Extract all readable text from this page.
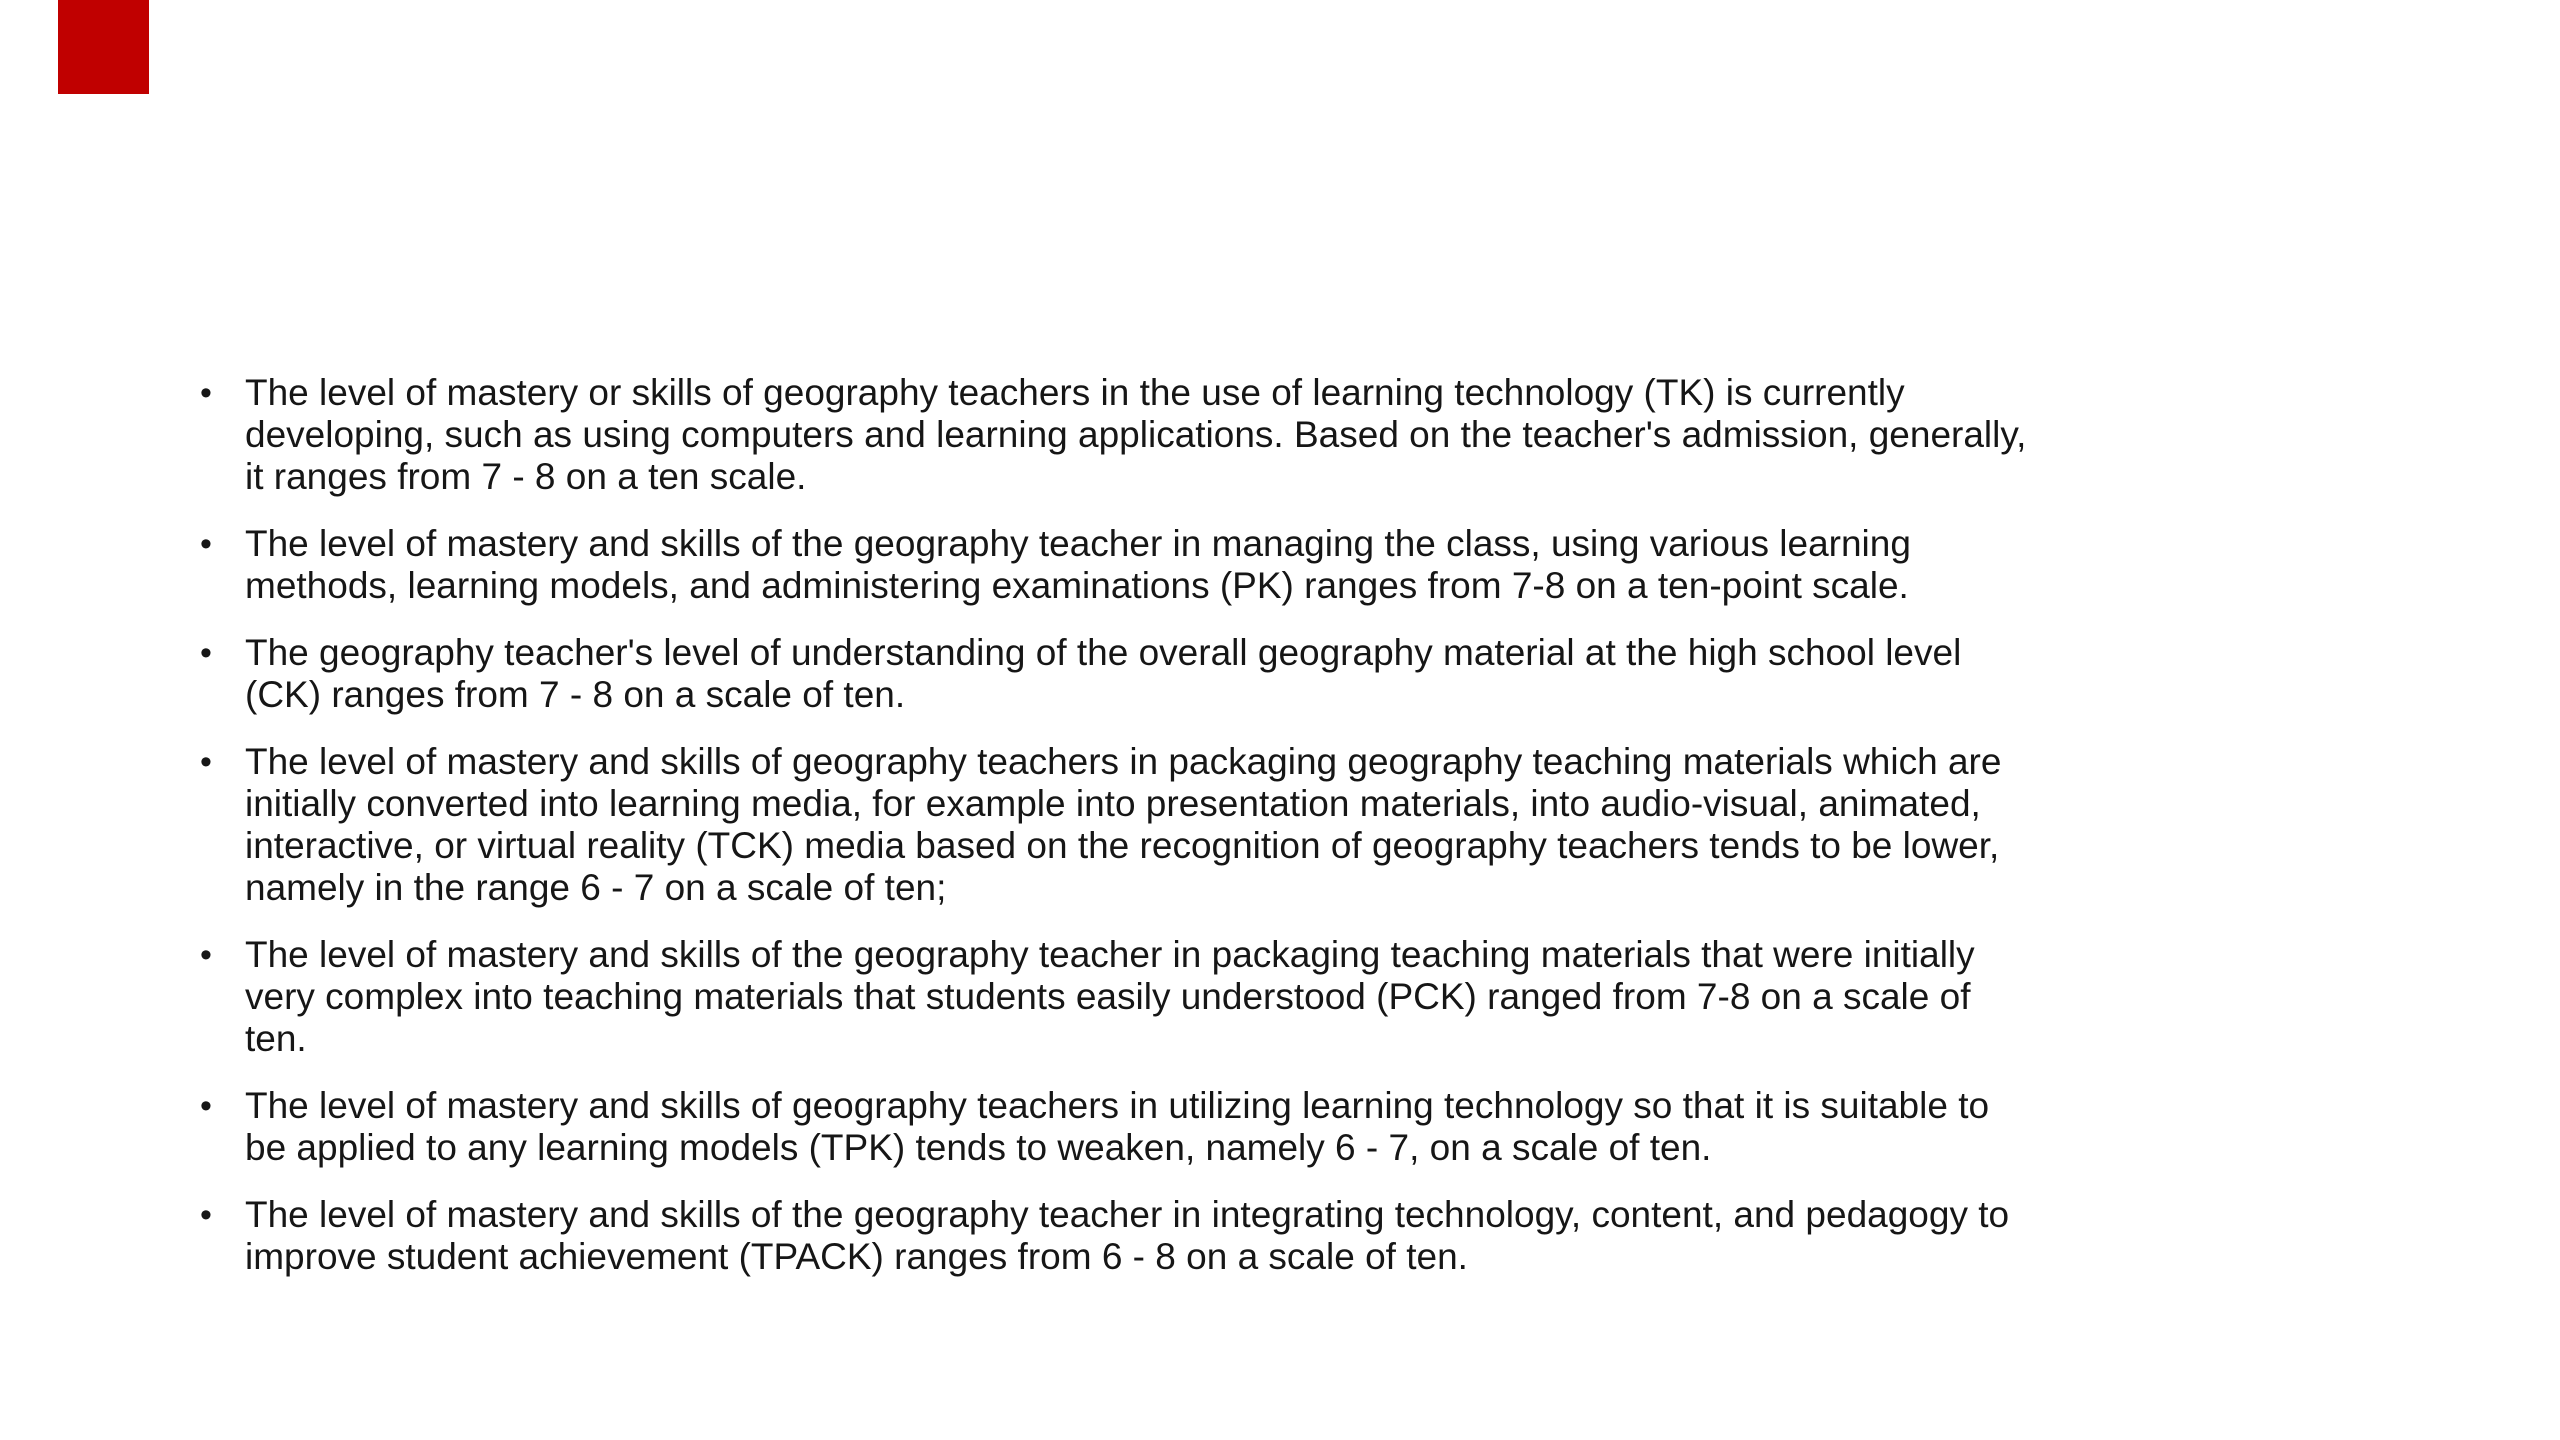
• The level of mastery or skills of geography teachers in the use of learning technology (TK) is currently
developing, such as using computers and learning applications. Based on the teacher's admission, generally,
it ranges from 7 - 8 on a ten scale.
• The level of mastery and skills of the geography teacher in managing the class, using various learning
methods, learning models, and administering examinations (PK) ranges from 7-8 on a ten-point scale.
• The geography teacher's level of understanding of the overall geography material at the high school level
(CK) ranges from 7 - 8 on a scale of ten.
• The level of mastery and skills of geography teachers in packaging geography teaching materials which are
initially converted into learning media, for example into presentation materials, into audio-visual, animated,
interactive, or virtual reality (TCK) media based on the recognition of geography teachers tends to be lower,
namely in the range 6 - 7 on a scale of ten;
• The level of mastery and skills of the geography teacher in packaging teaching materials that were initially
very complex into teaching materials that students easily understood (PCK) ranged from 7-8 on a scale of
ten.
• The level of mastery and skills of geography teachers in utilizing learning technology so that it is suitable to
be applied to any learning models (TPK) tends to weaken, namely 6 - 7, on a scale of ten.
• The level of mastery and skills of the geography teacher in integrating technology, content, and pedagogy to
improve student achievement (TPACK) ranges from 6 - 8 on a scale of ten.
